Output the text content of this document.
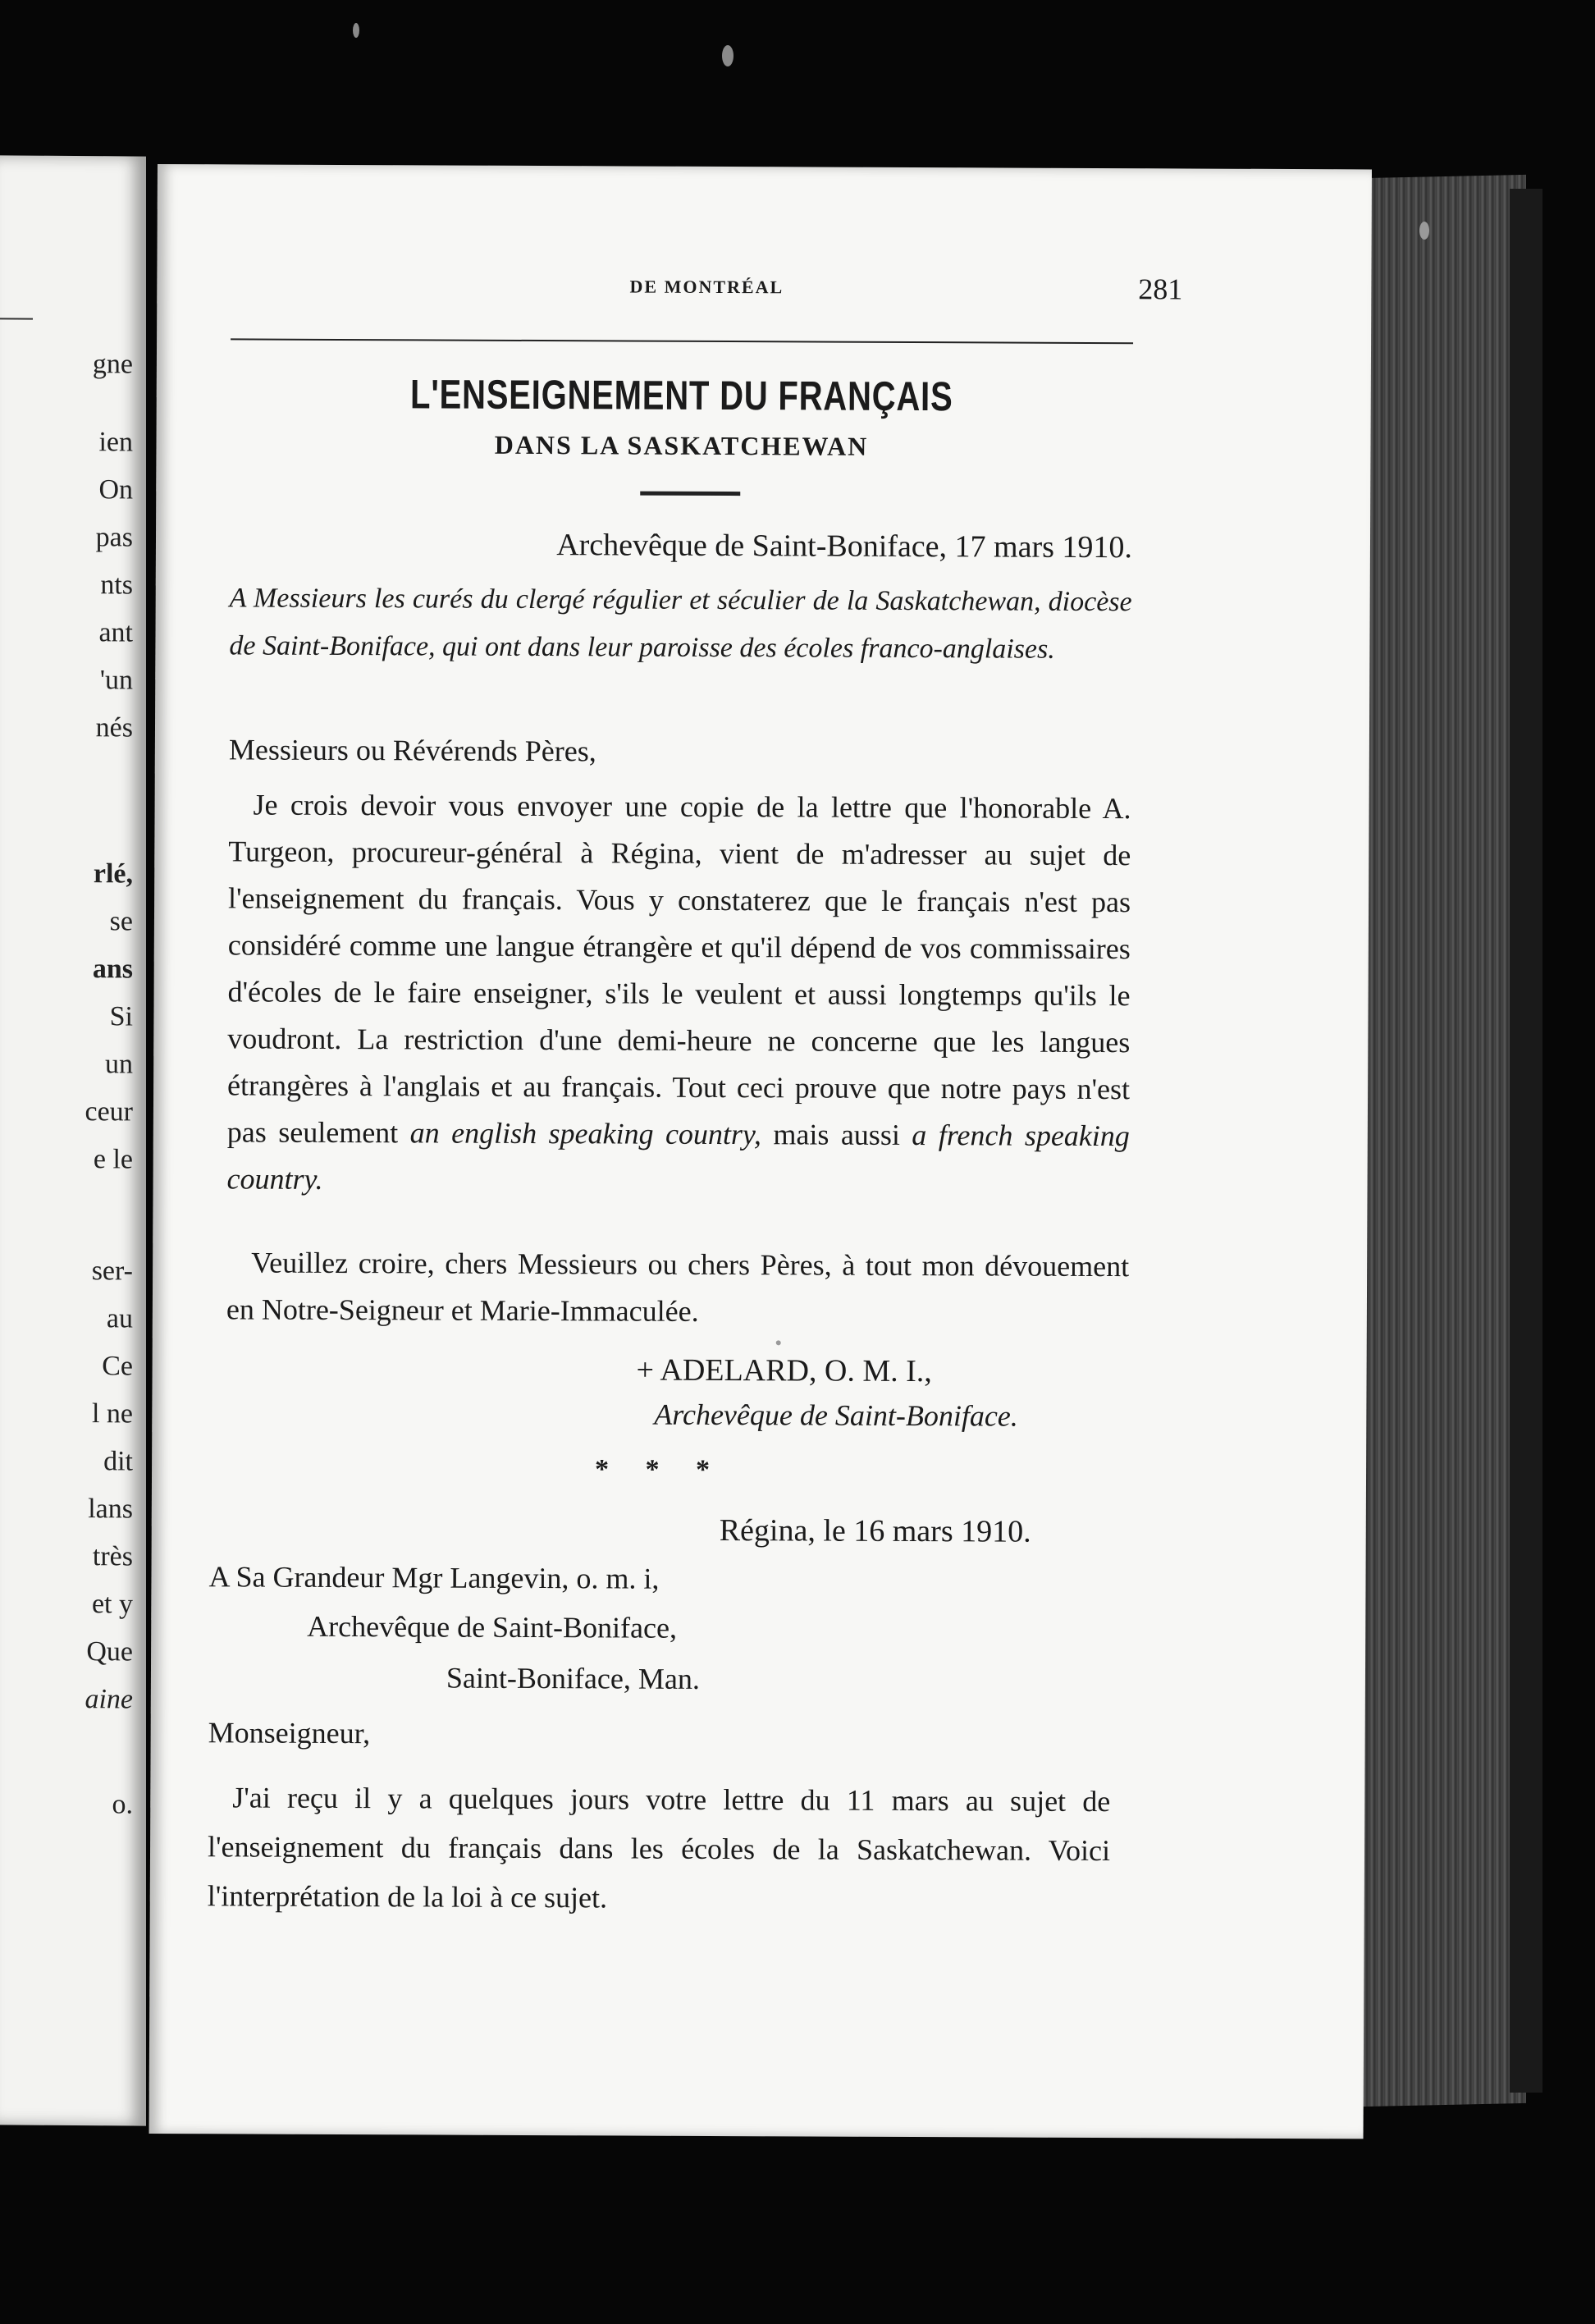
gne
ien
On
pas
nts
ant
'un
nés
rlé,
se
ans
Si
un
ceur
e le
ser-
au
Ce
l ne
dit
lans
très
et y
Que
aine
o.
DE MONTRÉAL	281
L'ENSEIGNEMENT DU FRANÇAIS
DANS LA SASKATCHEWAN
Archevêque de Saint-Boniface, 17 mars 1910.
A Messieurs les curés du clergé régulier et séculier de la Saskatchewan, diocèse de Saint-Boniface, qui ont dans leur paroisse des écoles franco-anglaises.
Messieurs ou Révérends Pères,
Je crois devoir vous envoyer une copie de la lettre que l'honorable A. Turgeon, procureur-général à Régina, vient de m'adresser au sujet de l'enseignement du français. Vous y constaterez que le français n'est pas considéré comme une langue étrangère et qu'il dépend de vos commissaires d'écoles de le faire enseigner, s'ils le veulent et aussi longtemps qu'ils le voudront. La restriction d'une demi-heure ne concerne que les langues étrangères à l'anglais et au français. Tout ceci prouve que notre pays n'est pas seulement an english speaking country, mais aussi a french speaking country.
Veuillez croire, chers Messieurs ou chers Pères, à tout mon dévouement en Notre-Seigneur et Marie-Immaculée.
+ ADELARD, O. M. I.,
Archevêque de Saint-Boniface.
* * *
Régina, le 16 mars 1910.
A Sa Grandeur Mgr Langevin, o. m. i,
Archevêque de Saint-Boniface,
Saint-Boniface, Man.
Monseigneur,
J'ai reçu il y a quelques jours votre lettre du 11 mars au sujet de l'enseignement du français dans les écoles de la Saskatchewan. Voici l'interprétation de la loi à ce sujet.
